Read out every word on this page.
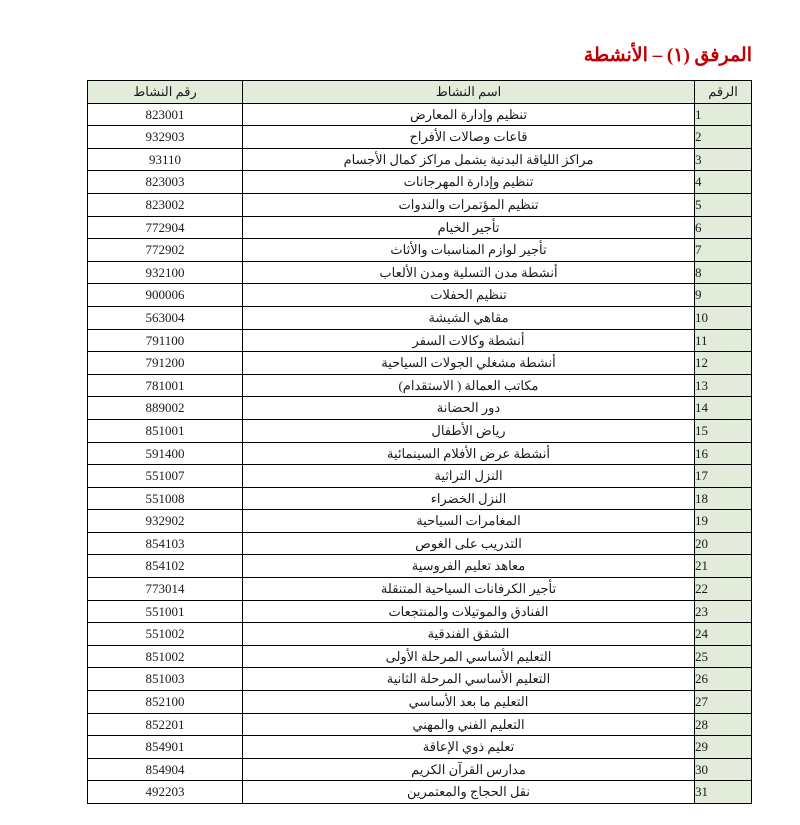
المرفق (١) – الأنشطة
الرقم	اسم النشاط	رقم النشاط
1	تنظيم وإدارة المعارض	823001
2	قاعات وصالات الأفراح	932903
3	مراكز اللياقة البدنية يشمل مراكز كمال الأجسام	93110
4	تنظيم وإدارة المهرجانات	823003
5	تنظيم المؤتمرات والندوات	823002
6	تأجير الخيام	772904
7	تأجير لوازم المناسبات والأثاث	772902
8	أنشطة مدن التسلية ومدن الألعاب	932100
9	تنظيم الحفلات	900006
10	مقاهي الشيشة	563004
11	أنشطة وكالات السفر	791100
12	أنشطة مشغلي الجولات السياحية	791200
13	مكاتب العمالة ( الاستقدام)	781001
14	دور الحضانة	889002
15	رياض الأطفال	851001
16	أنشطة عرض الأفلام السينمائية	591400
17	النزل التراثية	551007
18	النزل الخضراء	551008
19	المغامرات السياحية	932902
20	التدريب على الغوص	854103
21	معاهد تعليم الفروسية	854102
22	تأجير الكرفانات السياحية المتنقلة	773014
23	الفنادق والموتيلات والمنتجعات	551001
24	الشقق الفندقية	551002
25	التعليم الأساسي المرحلة الأولى	851002
26	التعليم الأساسي المرحلة الثانية	851003
27	التعليم ما بعد الأساسي	852100
28	التعليم الفني والمهني	852201
29	تعليم ذوي الإعاقة	854901
30	مدارس القرآن الكريم	854904
31	نقل الحجاج والمعتمرين	492203
